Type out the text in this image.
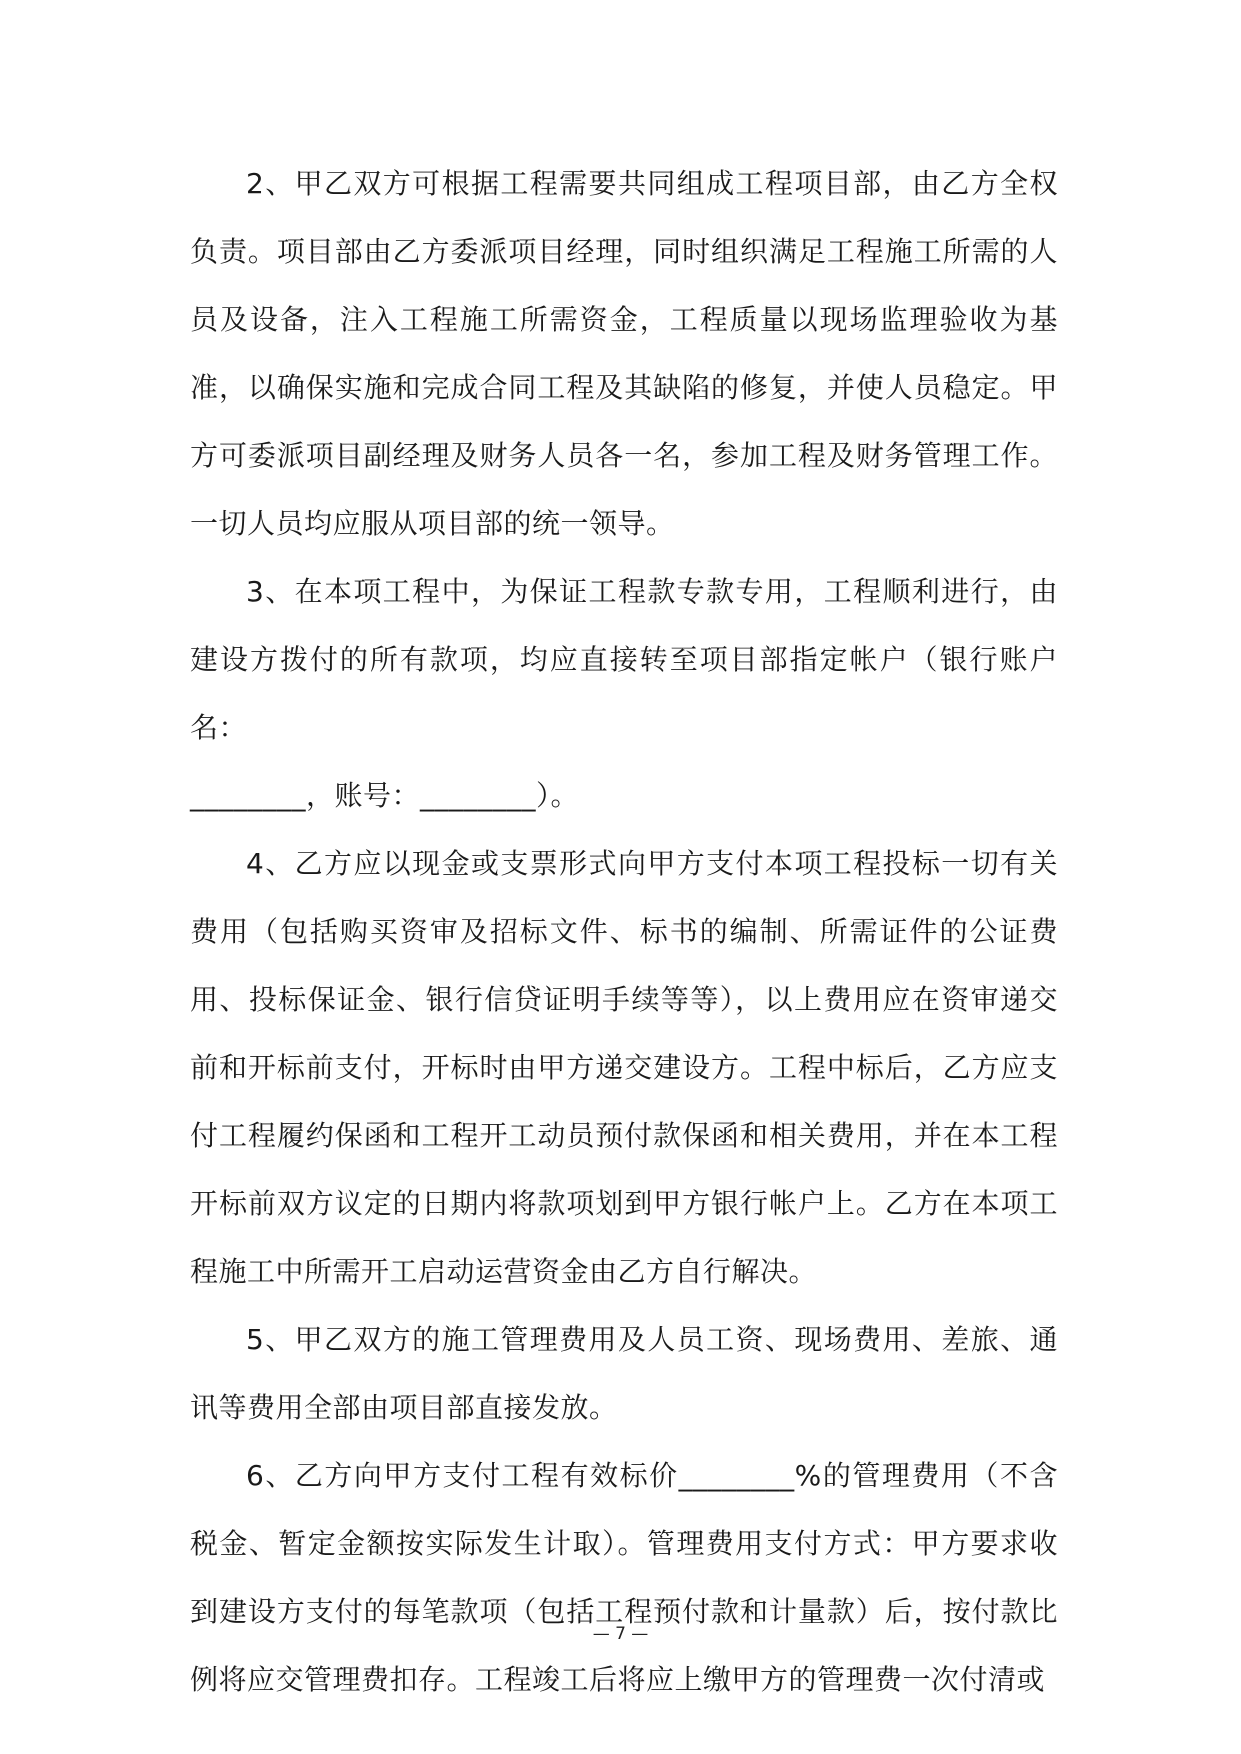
2、甲乙双方可根据工程需要共同组成工程项目部，由乙方全权负责。项目部由乙方委派项目经理，同时组织满足工程施工所需的人员及设备，注入工程施工所需资金，工程质量以现场监理验收为基准，以确保实施和完成合同工程及其缺陷的修复，并使人员稳定。甲方可委派项目副经理及财务人员各一名，参加工程及财务管理工作。一切人员均应服从项目部的统一领导。

3、在本项工程中，为保证工程款专款专用，工程顺利进行，由建设方拨付的所有款项，均应直接转至项目部指定帐户（银行账户名：

________，账号：________）。

4、乙方应以现金或支票形式向甲方支付本项工程投标一切有关费用（包括购买资审及招标文件、标书的编制、所需证件的公证费用、投标保证金、银行信贷证明手续等等），以上费用应在资审递交前和开标前支付，开标时由甲方递交建设方。工程中标后，乙方应支付工程履约保函和工程开工动员预付款保函和相关费用，并在本工程开标前双方议定的日期内将款项划到甲方银行帐户上。乙方在本项工程施工中所需开工启动运营资金由乙方自行解决。

5、甲乙双方的施工管理费用及人员工资、现场费用、差旅、通讯等费用全部由项目部直接发放。

6、乙方向甲方支付工程有效标价________%的管理费用（不含税金、暂定金额按实际发生计取）。管理费用支付方式：甲方要求收到建设方支付的每笔款项（包括工程预付款和计量款）后，按付款比例将应交管理费扣存。工程竣工后将应上缴甲方的管理费一次付清或

— 7 —
